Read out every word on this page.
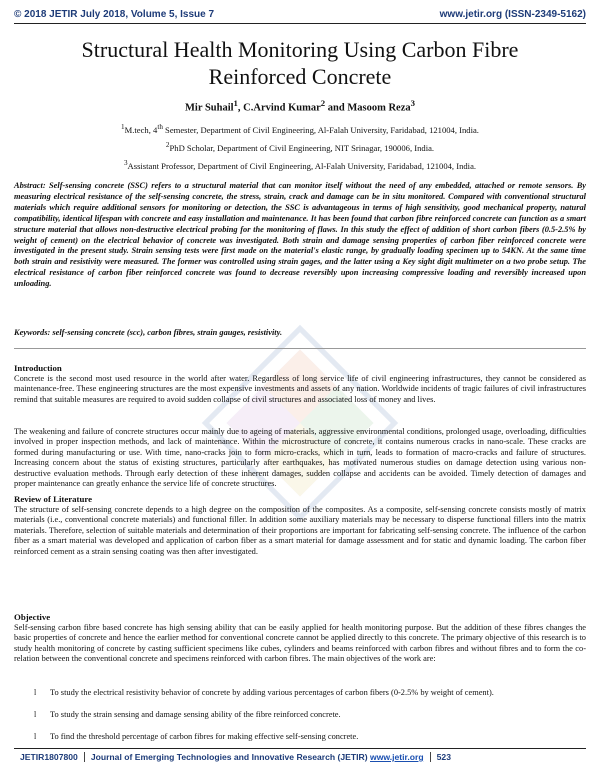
© 2018 JETIR July 2018, Volume 5, Issue 7	www.jetir.org (ISSN-2349-5162)
Structural Health Monitoring Using Carbon Fibre Reinforced Concrete
Mir Suhail$^1$, C.Arvind Kumar$^2$ and Masoom Reza$^3$
$^1$M.tech, 4th Semester, Department of Civil Engineering, Al-Falah University, Faridabad, 121004, India.
$^2$PhD Scholar, Department of Civil Engineering, NIT Srinagar, 190006, India.
$^3$Assistant Professor, Department of Civil Engineering, Al-Falah University, Faridabad, 121004, India.

Abstract: Self-sensing concrete (SSC) refers to a structural material that can monitor itself without the need of any embedded, attached or remote sensors. By measuring electrical resistance of the self-sensing concrete, the stress, strain, crack and damage can be in situ monitored. Compared with conventional structural materials which require additional sensors for monitoring or detection, the SSC is advantageous in terms of high sensitivity, good mechanical property, natural compatibility, identical lifespan with concrete and easy installation and maintenance. It has been found that carbon fibre reinforced concrete can function as a smart structure material that allows non-destructive electrical probing for the monitoring of flaws. In this study the effect of addition of short carbon fibers (0.5-2.5% by weight of cement) on the electrical behavior of concrete was investigated. Both strain and damage sensing properties of carbon fiber reinforced concrete were investigated in the present study. Strain sensing tests were first made on the material's elastic range, by gradually loading specimen up to 54KN. At the same time both strain and resistivity were measured. The former was controlled using strain gages, and the latter using a Key sight digit multimeter on a two probe setup. The electrical resistance of carbon fiber reinforced concrete was found to decrease reversibly upon increasing compressive loading and reversibly increased upon unloading.

Keywords: self-sensing concrete (scc), carbon fibres, strain gauges, resistivity.
Introduction

Concrete is the second most used resource in the world after water. Regardless of long service life of civil engineering infrastructures, they cannot be considered as maintenance-free. These engineering structures are the most expensive investments and assets of any nation. Worldwide incidents of tragic failures of civil infrastructures remind that suitable measures are required to avoid sudden collapse of civil structures and associated loss of money and lives.

The weakening and failure of concrete structures occur mainly due to ageing of materials, aggressive environmental conditions, prolonged usage, overloading, difficulties involved in proper inspection methods, and lack of maintenance. Within the microstructure of concrete, it contains numerous cracks in nano-scale. These cracks are formed during manufacturing or use. With time, nano-cracks join to form micro-cracks, which in turn, leads to formation of macro-cracks and failure of structures. Increasing concern about the status of existing structures, particularly after earthquakes, has motivated numerous studies on damage detection using various non-destructive evaluation methods. Through early detection of these inherent damages, sudden collapse and accidents can be avoided. Timely detection of damages and proper maintenance can greatly enhance the service life of concrete structures.

Review of Literature

The structure of self-sensing concrete depends to a high degree on the composition of the composites. As a composite, self-sensing concrete consists mostly of matrix materials (i.e., conventional concrete materials) and functional filler. In addition some auxiliary materials may be necessary to disperse functional fillers into the matrix materials. Therefore, selection of suitable materials and determination of their proportions are important for fabricating self-sensing concrete. The influence of the carbon fiber as a smart material was developed and application of carbon fiber as a smart material for damage assessment and for static and dynamic loading. The carbon fiber reinforced cement as a strain sensing coating was then after investigated.

Objective

Self-sensing carbon fibre based concrete has high sensing ability that can be easily applied for health monitoring purpose. But the addition of these fibres changes the basic properties of concrete and hence the earlier method for conventional concrete cannot be applied directly to this concrete. The primary objective of this research is to study health monitoring of concrete by casting sufficient specimens like cubes, cylinders and beams reinforced with carbon fibres and without fibres and to form the co-relation between the conventional concrete and specimens reinforced with carbon fibres. The main objectives of the work are:

l To study the electrical resistivity behavior of concrete by adding various percentages of carbon fibers (0-2.5% by weight of cement).
l To study the strain sensing and damage sensing ability of the fibre reinforced concrete.
l To find the threshold percentage of carbon fibres for making effective self-sensing concrete.
JETIR1807800	Journal of Emerging Technologies and Innovative Research (JETIR) www.jetir.org	523
